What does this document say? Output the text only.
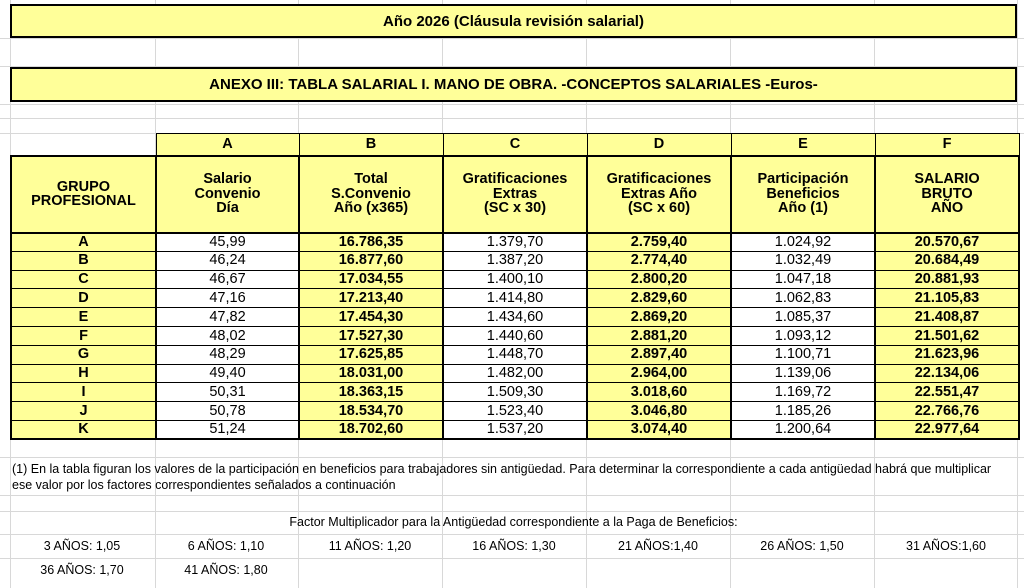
Año 2026 (Cláusula revisión salarial)
ANEXO III: TABLA SALARIAL I. MANO DE OBRA. -CONCEPTOS SALARIALES -Euros-
	A	B	C	D	E	F
GRUPO
PROFESIONAL	Salario
Convenio
Día	Total
S.Convenio
Año (x365)	Gratificaciones
Extras
(SC x 30)	Gratificaciones
Extras Año
(SC x 60)	Participación
Beneficios
Año (1)	SALARIO
BRUTO
AÑO
A	45,99	16.786,35	1.379,70	2.759,40	1.024,92	20.570,67
B	46,24	16.877,60	1.387,20	2.774,40	1.032,49	20.684,49
C	46,67	17.034,55	1.400,10	2.800,20	1.047,18	20.881,93
D	47,16	17.213,40	1.414,80	2.829,60	1.062,83	21.105,83
E	47,82	17.454,30	1.434,60	2.869,20	1.085,37	21.408,87
F	48,02	17.527,30	1.440,60	2.881,20	1.093,12	21.501,62
G	48,29	17.625,85	1.448,70	2.897,40	1.100,71	21.623,96
H	49,40	18.031,00	1.482,00	2.964,00	1.139,06	22.134,06
I	50,31	18.363,15	1.509,30	3.018,60	1.169,72	22.551,47
J	50,78	18.534,70	1.523,40	3.046,80	1.185,26	22.766,76
K	51,24	18.702,60	1.537,20	3.074,40	1.200,64	22.977,64
(1) En la tabla figuran los valores de la participación en beneficios para trabajadores sin antigüedad. Para determinar la correspondiente a cada antigüedad habrá que multiplicar ese valor por los factores correspondientes señalados a continuación
Factor Multiplicador para la Antigüedad correspondiente a la Paga de Beneficios:
3 AÑOS: 1,05	6 AÑOS: 1,10	11 AÑOS: 1,20	16 AÑOS: 1,30	21 AÑOS:1,40	26 AÑOS: 1,50	31 AÑOS:1,60
36 AÑOS: 1,70	41 AÑOS: 1,80
